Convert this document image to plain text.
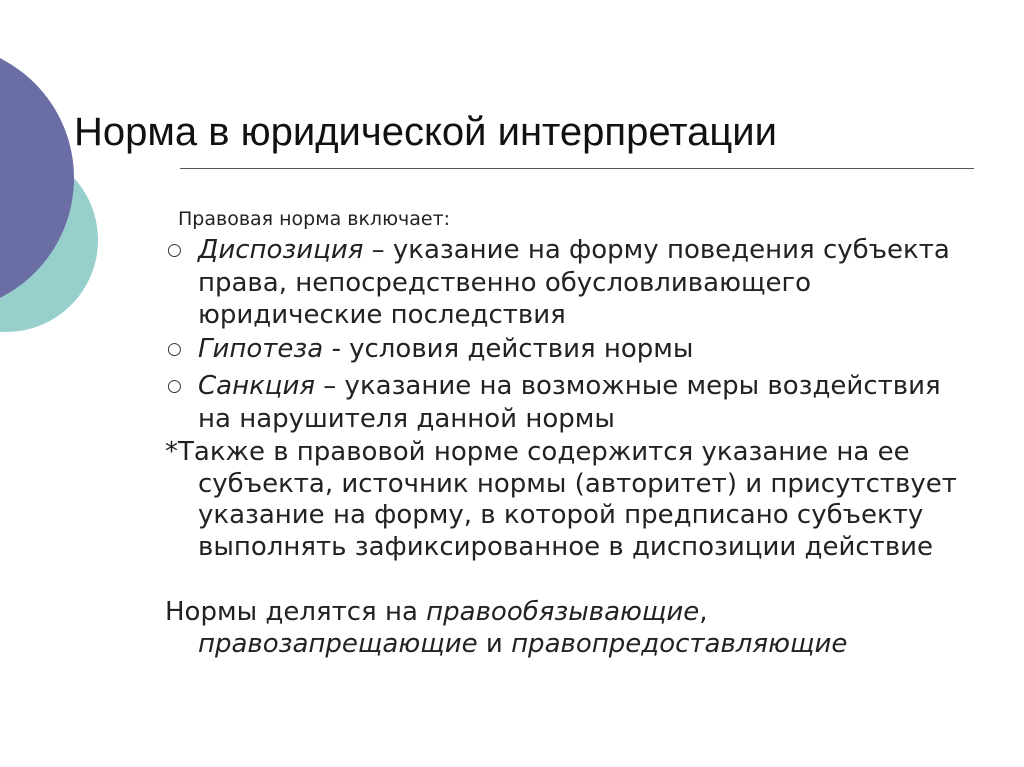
Норма в юридической интерпретации
Правовая норма включает:
○ Диспозиция – указание на форму поведения субъекта права, непосредственно обусловливающего юридические последствия
○ Гипотеза - условия действия нормы
○ Санкция – указание на возможные меры воздействия на нарушителя данной нормы
*Также в правовой норме содержится указание на ее субъекта, источник нормы (авторитет) и присутствует указание на форму, в которой предписано субъекту выполнять зафиксированное в диспозиции действие
Нормы делятся на правообязывающие, правозапрещающие и правопредоставляющие
